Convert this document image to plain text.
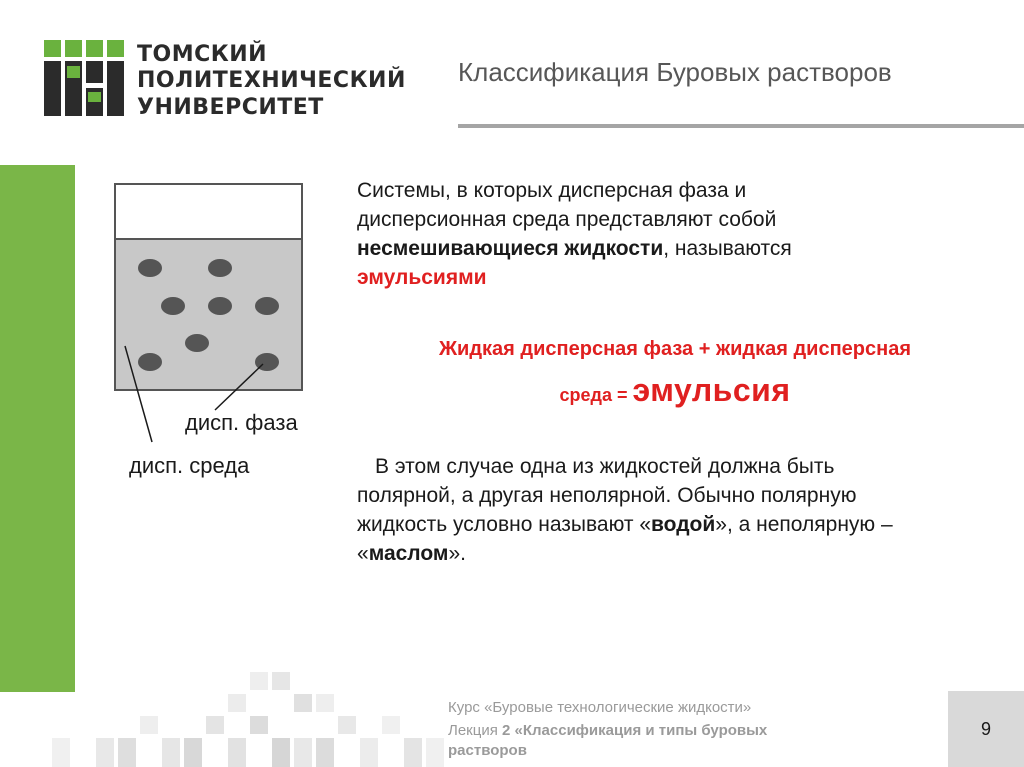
ТОМСКИЙ
ПОЛИТЕХНИЧЕСКИЙ
УНИВЕРСИТЕТ
Классификация Буровых растворов
дисп. фаза
дисп. среда
Системы, в которых дисперсная фаза и
дисперсионная среда представляют собой
несмешивающиеся жидкости, называются
эмульсиями
Жидкая дисперсная фаза + жидкая дисперсная
среда = эмульсия
В этом случае одна из жидкостей должна быть
полярной, а другая неполярной. Обычно полярную
жидкость условно называют «водой», а неполярную –
«маслом».
Курс «Буровые технологические жидкости»
Лекция 2 «Классификация и типы буровых
растворов
9
